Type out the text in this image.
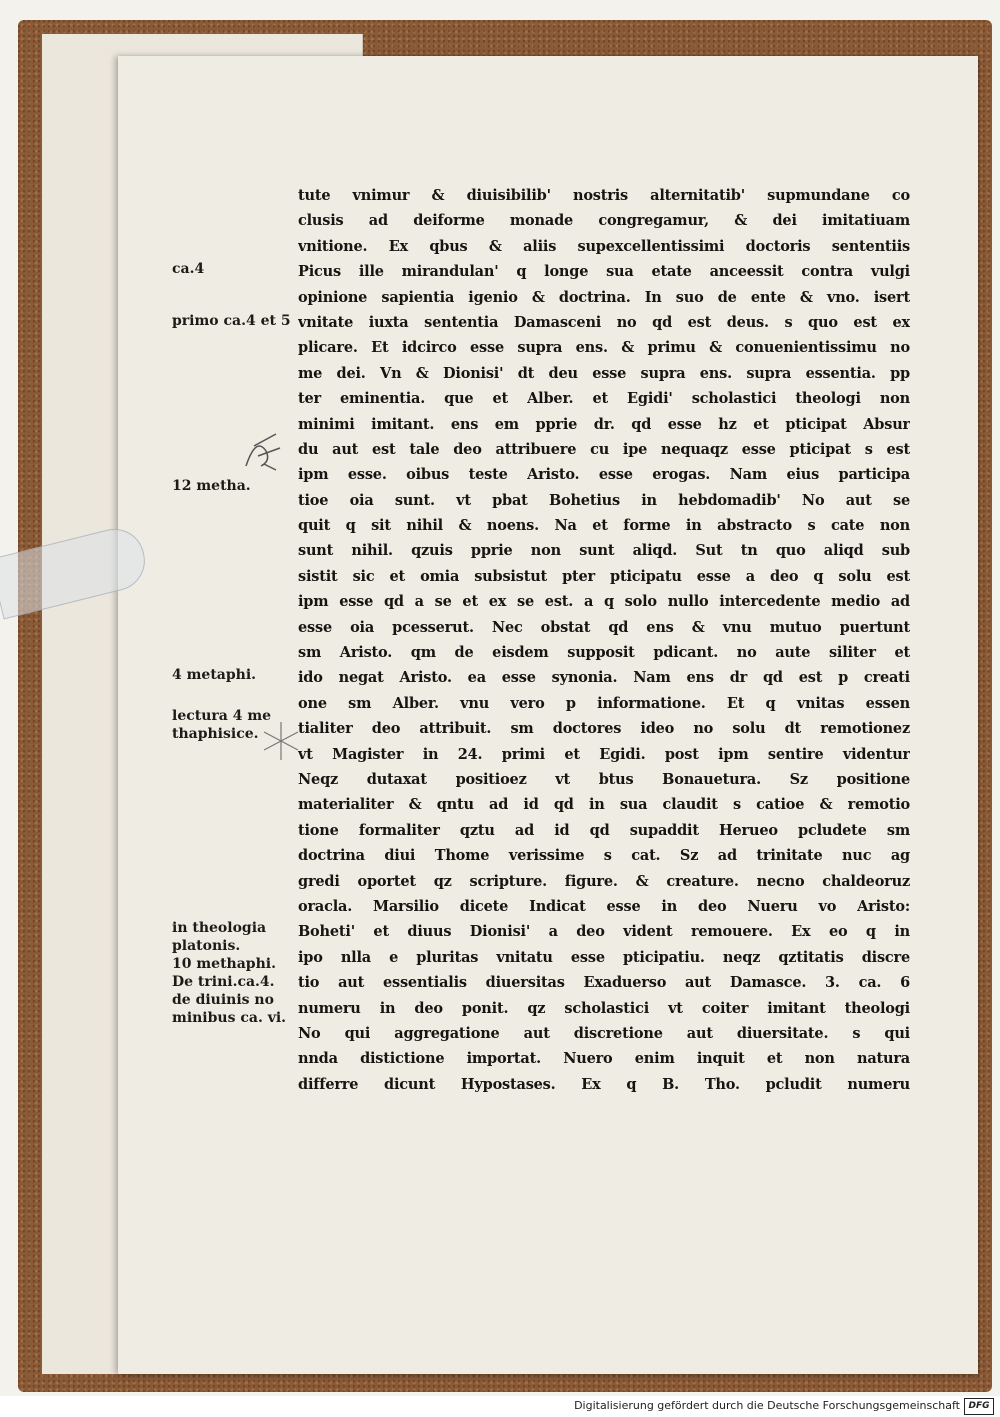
ca.4
primo ca.4 et 5
12 metha.
4 metaphi.
lectura 4 me
thaphisice.
in theologia
platonis.
10 methaphi.
De trini.ca.4.
de diuinis no
minibus ca. vi.
tute vnimur & diuisibilib' nostris alternitatib' supmundane co
clusis ad deiforme monade congregamur, & dei imitatiuam
vnitione. Ex qbus & aliis supexcellentissimi doctoris sententiis
Picus ille mirandulan' q longe sua etate anceessit contra vulgi
opinione sapientia igenio & doctrina. In suo de ente & vno. isert
vnitate iuxta sententia Damasceni no qd est deus. s quo est ex
plicare. Et idcirco esse supra ens. & primu & conuenientissimu no
me dei. Vn & Dionisi' dt deu esse supra ens. supra essentia. pp
ter eminentia. que et Alber. et Egidi' scholastici theologi non
minimi imitant. ens em pprie dr. qd esse hz et pticipat Absur
du aut est tale deo attribuere cu ipe nequaqz esse pticipat s est
ipm esse. oibus teste Aristo. esse erogas. Nam eius participa
tioe oia sunt. vt pbat Bohetius in hebdomadib' No aut se
quit q sit nihil & noens. Na et forme in abstracto s cate non
sunt nihil. qzuis pprie non sunt aliqd. Sut tn quo aliqd sub
sistit sic et omia subsistut pter pticipatu esse a deo q solu est
ipm esse qd a se et ex se est. a q solo nullo intercedente medio ad
esse oia pcesserut. Nec obstat qd ens & vnu mutuo puertunt
sm Aristo. qm de eisdem supposit pdicant. no aute siliter et
ido negat Aristo. ea esse synonia. Nam ens dr qd est p creati
one sm Alber. vnu vero p informatione. Et q vnitas essen
tialiter deo attribuit. sm doctores ideo no solu dt remotionez
vt Magister in 24. primi et Egidi. post ipm sentire videntur
Neqz dutaxat positioez vt btus Bonauetura. Sz positione
materialiter & qntu ad id qd in sua claudit s catioe & remotio
tione formaliter qztu ad id qd supaddit Herueo pcludete sm
doctrina diui Thome verissime s cat. Sz ad trinitate nuc ag
gredi oportet qz scripture. figure. & creature. necno chaldeoruz
oracla. Marsilio dicete Indicat esse in deo Nueru vo Aristo:
Boheti' et diuus Dionisi' a deo vident remouere. Ex eo q in
ipo nlla e pluritas vnitatu esse pticipatiu. neqz qztitatis discre
tio aut essentialis diuersitas Exaduerso aut Damasce. 3. ca. 6
numeru in deo ponit. qz scholastici vt coiter imitant theologi
No qui aggregatione aut discretione aut diuersitate. s qui
nnda distictione importat. Nuero enim inquit et non natura
differre dicunt Hypostases. Ex q B. Tho. pcludit numeru
Digitalisierung gefördert durch die Deutsche Forschungsgemeinschaft DFG
